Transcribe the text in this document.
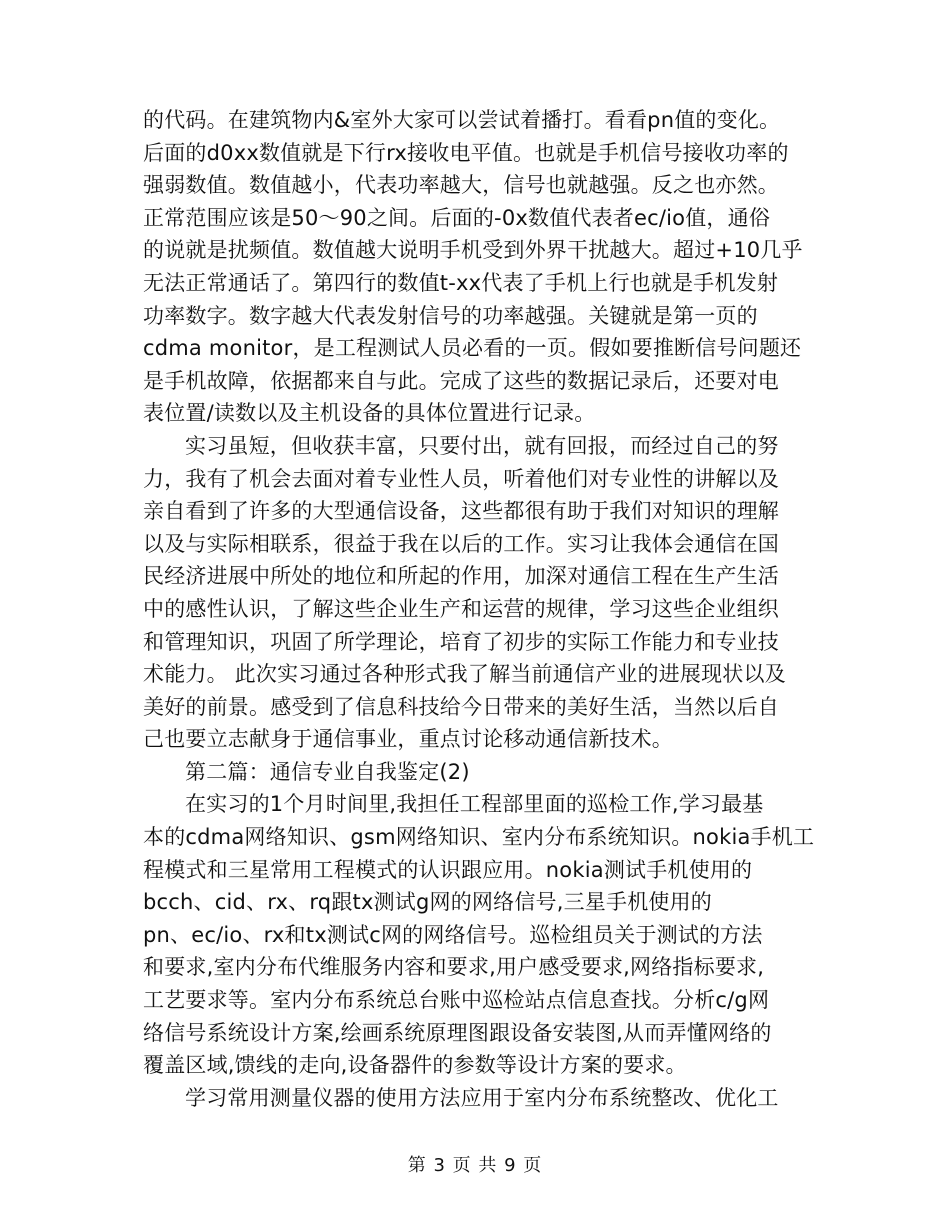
的代码。在建筑物内&室外大家可以尝试着播打。看看pn值的变化。
后面的d0xx数值就是下行rx接收电平值。也就是手机信号接收功率的
强弱数值。数值越小，代表功率越大，信号也就越强。反之也亦然。
正常范围应该是50～90之间。后面的-0x数值代表者ec/io值，通俗
的说就是扰频值。数值越大说明手机受到外界干扰越大。超过+10几乎
无法正常通话了。第四行的数值t-xx代表了手机上行也就是手机发射
功率数字。数字越大代表发射信号的功率越强。关键就是第一页的
cdma monitor，是工程测试人员必看的一页。假如要推断信号问题还
是手机故障，依据都来自与此。完成了这些的数据记录后，还要对电
表位置/读数以及主机设备的具体位置进行记录。
实习虽短，但收获丰富，只要付出，就有回报，而经过自己的努
力，我有了机会去面对着专业性人员，听着他们对专业性的讲解以及
亲自看到了许多的大型通信设备，这些都很有助于我们对知识的理解
以及与实际相联系，很益于我在以后的工作。实习让我体会通信在国
民经济进展中所处的地位和所起的作用，加深对通信工程在生产生活
中的感性认识，了解这些企业生产和运营的规律，学习这些企业组织
和管理知识，巩固了所学理论，培育了初步的实际工作能力和专业技
术能力。 此次实习通过各种形式我了解当前通信产业的进展现状以及
美好的前景。感受到了信息科技给今日带来的美好生活，当然以后自
己也要立志献身于通信事业，重点讨论移动通信新技术。
第二篇：通信专业自我鉴定(2)
在实习的1个月时间里,我担任工程部里面的巡检工作,学习最基
本的cdma网络知识、gsm网络知识、室内分布系统知识。nokia手机工
程模式和三星常用工程模式的认识跟应用。nokia测试手机使用的
bcch、cid、rx、rq跟tx测试g网的网络信号,三星手机使用的
pn、ec/io、rx和tx测试c网的网络信号。巡检组员关于测试的方法
和要求,室内分布代维服务内容和要求,用户感受要求,网络指标要求,
工艺要求等。室内分布系统总台账中巡检站点信息查找。分析c/g网
络信号系统设计方案,绘画系统原理图跟设备安装图,从而弄懂网络的
覆盖区域,馈线的走向,设备器件的参数等设计方案的要求。
学习常用测量仪器的使用方法应用于室内分布系统整改、优化工
第 3 页 共 9 页
